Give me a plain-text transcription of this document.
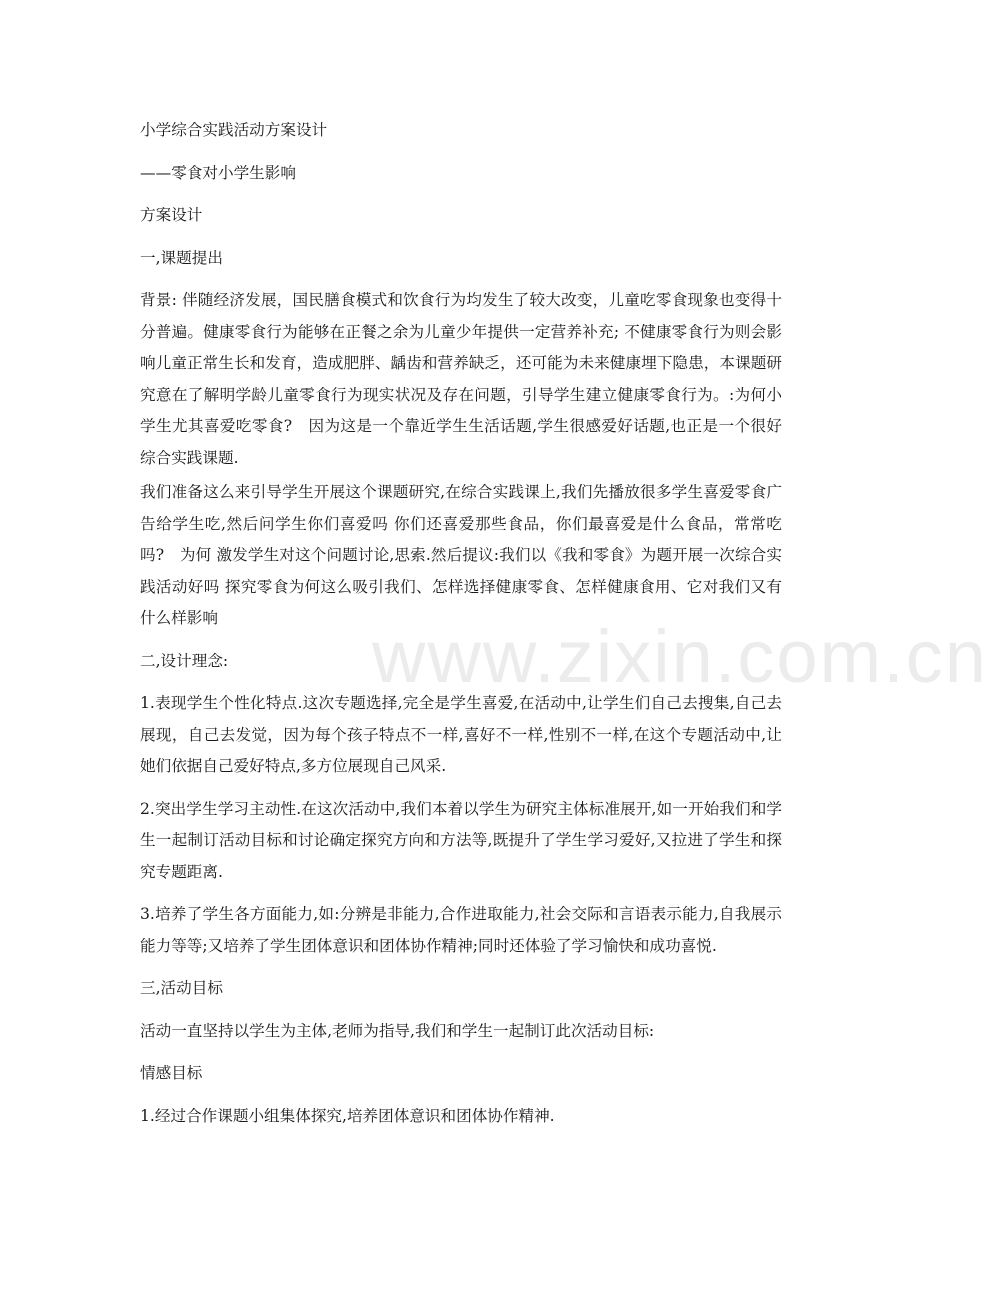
www.zixin.com.cn
小学综合实践活动方案设计
——零食对小学生影响
方案设计
一,课题提出
背景: 伴随经济发展，国民膳食模式和饮食行为均发生了较大改变，儿童吃零食现象也变得十分普遍。健康零食行为能够在正餐之余为儿童少年提供一定营养补充; 不健康零食行为则会影响儿童正常生长和发育，造成肥胖、龋齿和营养缺乏，还可能为未来健康埋下隐患，本课题研究意在了解明学龄儿童零食行为现实状况及存在问题，引导学生建立健康零食行为。:为何小学生尤其喜爱吃零食?　因为这是一个靠近学生生活话题,学生很感爱好话题,也正是一个很好综合实践课题.
我们准备这么来引导学生开展这个课题研究,在综合实践课上,我们先播放很多学生喜爱零食广告给学生吃,然后问学生你们喜爱吗 你们还喜爱那些食品，你们最喜爱是什么食品，常常吃吗?　为何 激发学生对这个问题讨论,思索.然后提议:我们以《我和零食》为题开展一次综合实践活动好吗 探究零食为何这么吸引我们、怎样选择健康零食、怎样健康食用、它对我们又有什么样影响
二,设计理念:
1.表现学生个性化特点.这次专题选择,完全是学生喜爱,在活动中,让学生们自己去搜集,自己去展现，自己去发觉，因为每个孩子特点不一样,喜好不一样,性别不一样,在这个专题活动中,让她们依据自己爱好特点,多方位展现自己风采.
2.突出学生学习主动性.在这次活动中,我们本着以学生为研究主体标准展开,如一开始我们和学生一起制订活动目标和讨论确定探究方向和方法等,既提升了学生学习爱好,又拉进了学生和探究专题距离.
3.培养了学生各方面能力,如:分辨是非能力,合作进取能力,社会交际和言语表示能力,自我展示能力等等;又培养了学生团体意识和团体协作精神;同时还体验了学习愉快和成功喜悦.
三,活动目标
活动一直坚持以学生为主体,老师为指导,我们和学生一起制订此次活动目标:
情感目标
1.经过合作课题小组集体探究,培养团体意识和团体协作精神.
